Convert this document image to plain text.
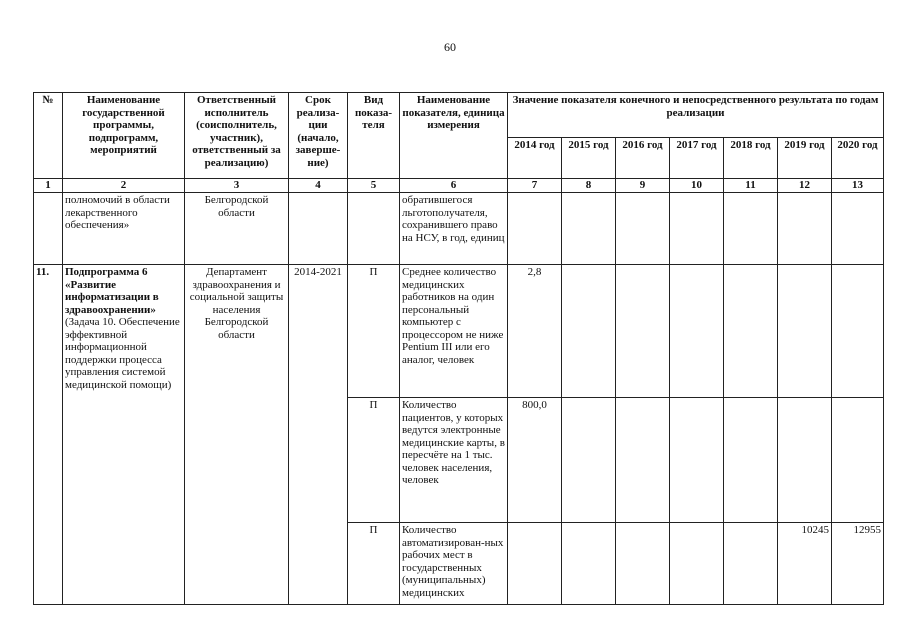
60
№	Наименование государственной программы, подпрограмм, мероприятий	Ответственный исполнитель (соисполнитель, участник), ответственный за реализацию)	Срок реализа-ции (начало, заверше-ние)	Вид показа-теля	Наименование показателя, единица измерения	Значение показателя конечного и непосредственного результата по годам реализации						
						2014 год	2015 год	2016 год	2017 год	2018 год	2019 год	2020 год
1	2	3	4	5	6	7	8	9	10	11	12	13
	полномочий в области лекарственного обеспечения»	Белгородской области			обратившегося льготополучателя, сохранившего право на НСУ, в год, единиц							
11.	Подпрограмма 6 «Развитие информатизации в здравоохранении» (Задача 10. Обеспечение эффективной информационной поддержки процесса управления системой медицинской помощи)	Департамент здравоохранения и социальной защиты населения Белгородской области	2014-2021	П	Среднее количество медицинских работников на один персональный компьютер с процессором не ниже Pentium III или его аналог, человек	2,8						
				П	Количество пациентов, у которых ведутся электронные медицинские карты, в пересчёте на 1 тыс. человек населения, человек	800,0						
				П	Количество автоматизирован-ных рабочих мест в государственных (муниципальных) медицинских						10245	12955
